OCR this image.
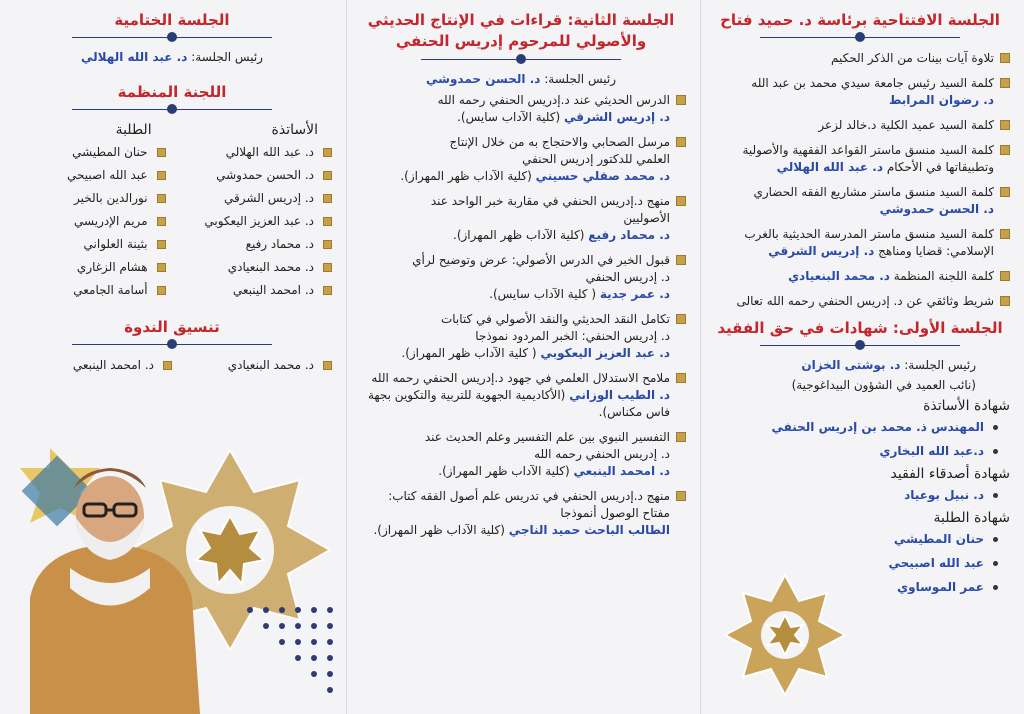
الجلسة الافتتاحية برئاسة د. حميد فتاح
تلاوة آيات بينات من الذكر الحكيم
كلمة السيد رئيس جامعة سيدي محمد بن عبد الله
د. رضوان المرابط
كلمة السيد عميد الكلية د.خالد لزعر
كلمة السيد منسق ماستر القواعد الفقهية والأصولية وتطبيقاتها في الأحكام د. عبد الله الهلالي
كلمة السيد منسق ماستر مشاريع الفقه الحضاري
د. الحسن حمدوشي
كلمة السيد منسق ماستر المدرسة الحديثية بالغرب الإسلامي: قضايا ومناهج د. إدريس الشرقي
كلمة اللجنة المنظمة د. محمد البنعيادي
شريط وثائقي عن د. إدريس الحنفي رحمه الله تعالى
الجلسة الأولى: شهادات في حق الفقيد
رئيس الجلسة: د. بوشتى الخزان
(نائب العميد في الشؤون البيداغوجية)
شهادة الأساتذة
المهندس ذ. محمد بن إدريس الحنفي
د.عبد الله البخاري
شهادة أصدقاء الفقيد
د. نبيل بوعياد
شهادة الطلبة
حنان المطيشي
عبد الله اصبيحي
عمر الموساوي
الجلسة الثانية: قراءات في الإنتاج الحديثي
والأصولي للمرحوم إدريس الحنفي
رئيس الجلسة: د. الحسن حمدوشي
الدرس الحديثي عند د.إدريس الحنفي رحمه الله
د. إدريس الشرقي (كلية الآداب سايس).
مرسل الصحابي والاحتجاج به من خلال الإنتاج
العلمي للدكتور إدريس الحنفي
د. محمد صقلي حسيني (كلية الآداب ظهر المهراز).
منهج د.إدريس الحنفي في مقاربة خبر الواحد عند
الأصوليين
د. محماد رفيع (كلية الآداب ظهر المهراز).
قبول الخبر في الدرس الأصولي: عرض وتوضيح لرأي
د. إدريس الحنفي
د. عمر جدية ( كلية الآداب سايس).
تكامل النقد الحديثي والنقد الأصولي في كتابات
د. إدريس الحنفي: الخبر المردود نموذجا
د. عبد العزيز اليعكوبي ( كلية الآداب ظهر المهراز).
ملامح الاستدلال العلمي في جهود د.إدريس الحنفي رحمه الله
د. الطيب الوزاني (الأكاديمية الجهوية للتربية والتكوين بجهة فاس مكناس).
التفسير النبوي بين علم التفسير وعلم الحديث عند
د. إدريس الحنفي رحمه الله
د. امحمد الينبعي (كلية الآداب ظهر المهراز).
منهج د.إدريس الحنفي في تدريس علم أصول الفقه كتاب:
مفتاح الوصول أنموذجا
الطالب الباحث حميد الناجي (كلية الآداب ظهر المهراز).
الجلسة الختامية
رئيس الجلسة: د. عبد الله الهلالي
اللجنة المنظمة
الأساتذة
د. عبد الله الهلالي
د. الحسن حمدوشي
د. إدريس الشرقي
د. عبد العزيز اليعكوبي
د. محماد رفيع
د. محمد البنعيادي
د. امحمد الينبعي
الطلبة
حنان المطيشي
عبد الله اصبيحي
نورالدين بالخير
مريم الإدريسي
بثينة العلواني
هشام الزغاري
أسامة الجامعي
تنسيق الندوة
د. محمد البنعيادي
د. امحمد الينبعي
